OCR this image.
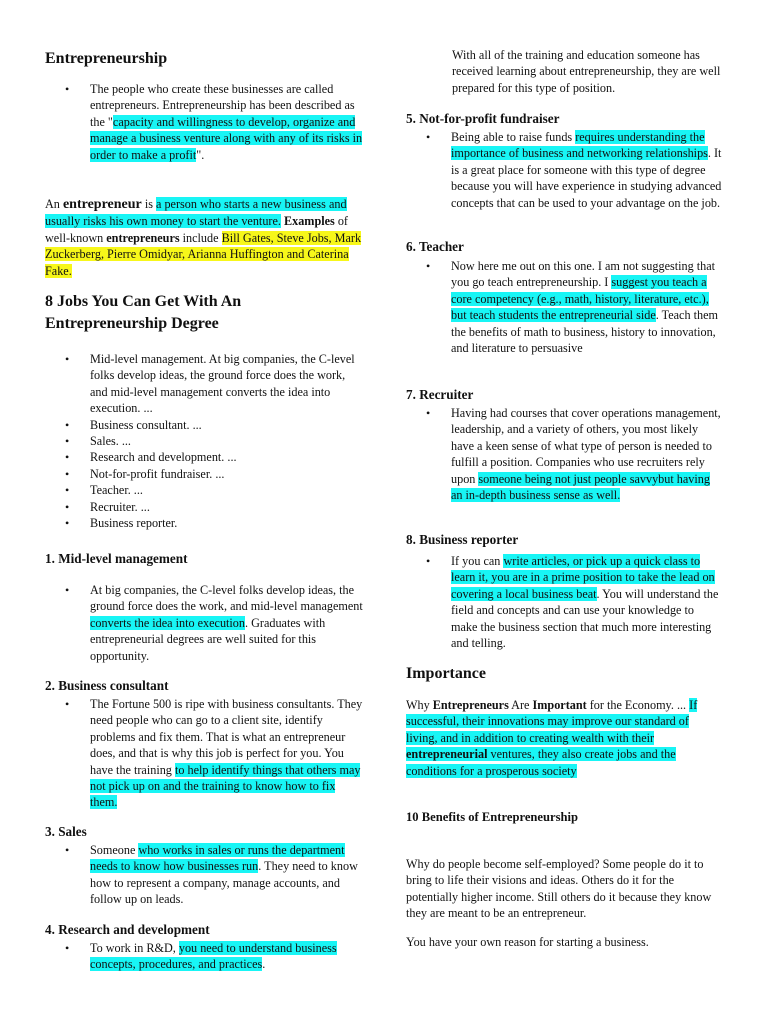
Entrepreneurship
• The people who create these businesses are called entrepreneurs. Entrepreneurship has been described as the "capacity and willingness to develop, organize and manage a business venture along with any of its risks in order to make a profit".

An entrepreneur is a person who starts a new business and usually risks his own money to start the venture. Examples of well-known entrepreneurs include Bill Gates, Steve Jobs, Mark Zuckerberg, Pierre Omidyar, Arianna Huffington and Caterina Fake.

8 Jobs You Can Get With An Entrepreneurship Degree
• Mid-level management. At big companies, the C-level folks develop ideas, the ground force does the work, and mid-level management converts the idea into execution. ...
• Business consultant. ...
• Sales. ...
• Research and development. ...
• Not-for-profit fundraiser. ...
• Teacher. ...
• Recruiter. ...
• Business reporter.
1. Mid-level management
• At big companies, the C-level folks develop ideas, the ground force does the work, and mid-level management converts the idea into execution. Graduates with entrepreneurial degrees are well suited for this opportunity.
2. Business consultant
• The Fortune 500 is ripe with business consultants. They need people who can go to a client site, identify problems and fix them. That is what an entrepreneur does, and that is why this job is perfect for you. You have the training to help identify things that others may not pick up on and the training to know how to fix them.
3. Sales
• Someone who works in sales or runs the department needs to know how businesses run. They need to know how to represent a company, manage accounts, and follow up on leads.
4. Research and development
• To work in R&D, you need to understand business concepts, procedures, and practices.

With all of the training and education someone has received learning about entrepreneurship, they are well prepared for this type of position.

5. Not-for-profit fundraiser
• Being able to raise funds requires understanding the importance of business and networking relationships. It is a great place for someone with this type of degree because you will have experience in studying advanced concepts that can be used to your advantage on the job.
6. Teacher
• Now here me out on this one. I am not suggesting that you go teach entrepreneurship. I suggest you teach a core competency (e.g., math, history, literature, etc.), but teach students the entrepreneurial side. Teach them the benefits of math to business, history to innovation, and literature to persuasive
7. Recruiter
• Having had courses that cover operations management, leadership, and a variety of others, you most likely have a keen sense of what type of person is needed to fulfill a position. Companies who use recruiters rely upon someone being not just people savvybut having an in-depth business sense as well.
8. Business reporter
• If you can write articles, or pick up a quick class to learn it, you are in a prime position to take the lead on covering a local business beat. You will understand the field and concepts and can use your knowledge to make the business section that much more interesting and telling.
Importance

Why Entrepreneurs Are Important for the Economy. ... If successful, their innovations may improve our standard of living, and in addition to creating wealth with their entrepreneurial ventures, they also create jobs and the conditions for a prosperous society

10 Benefits of Entrepreneurship

Why do people become self-employed? Some people do it to bring to life their visions and ideas. Others do it for the potentially higher income. Still others do it because they know they are meant to be an entrepreneur.

You have your own reason for starting a business.
